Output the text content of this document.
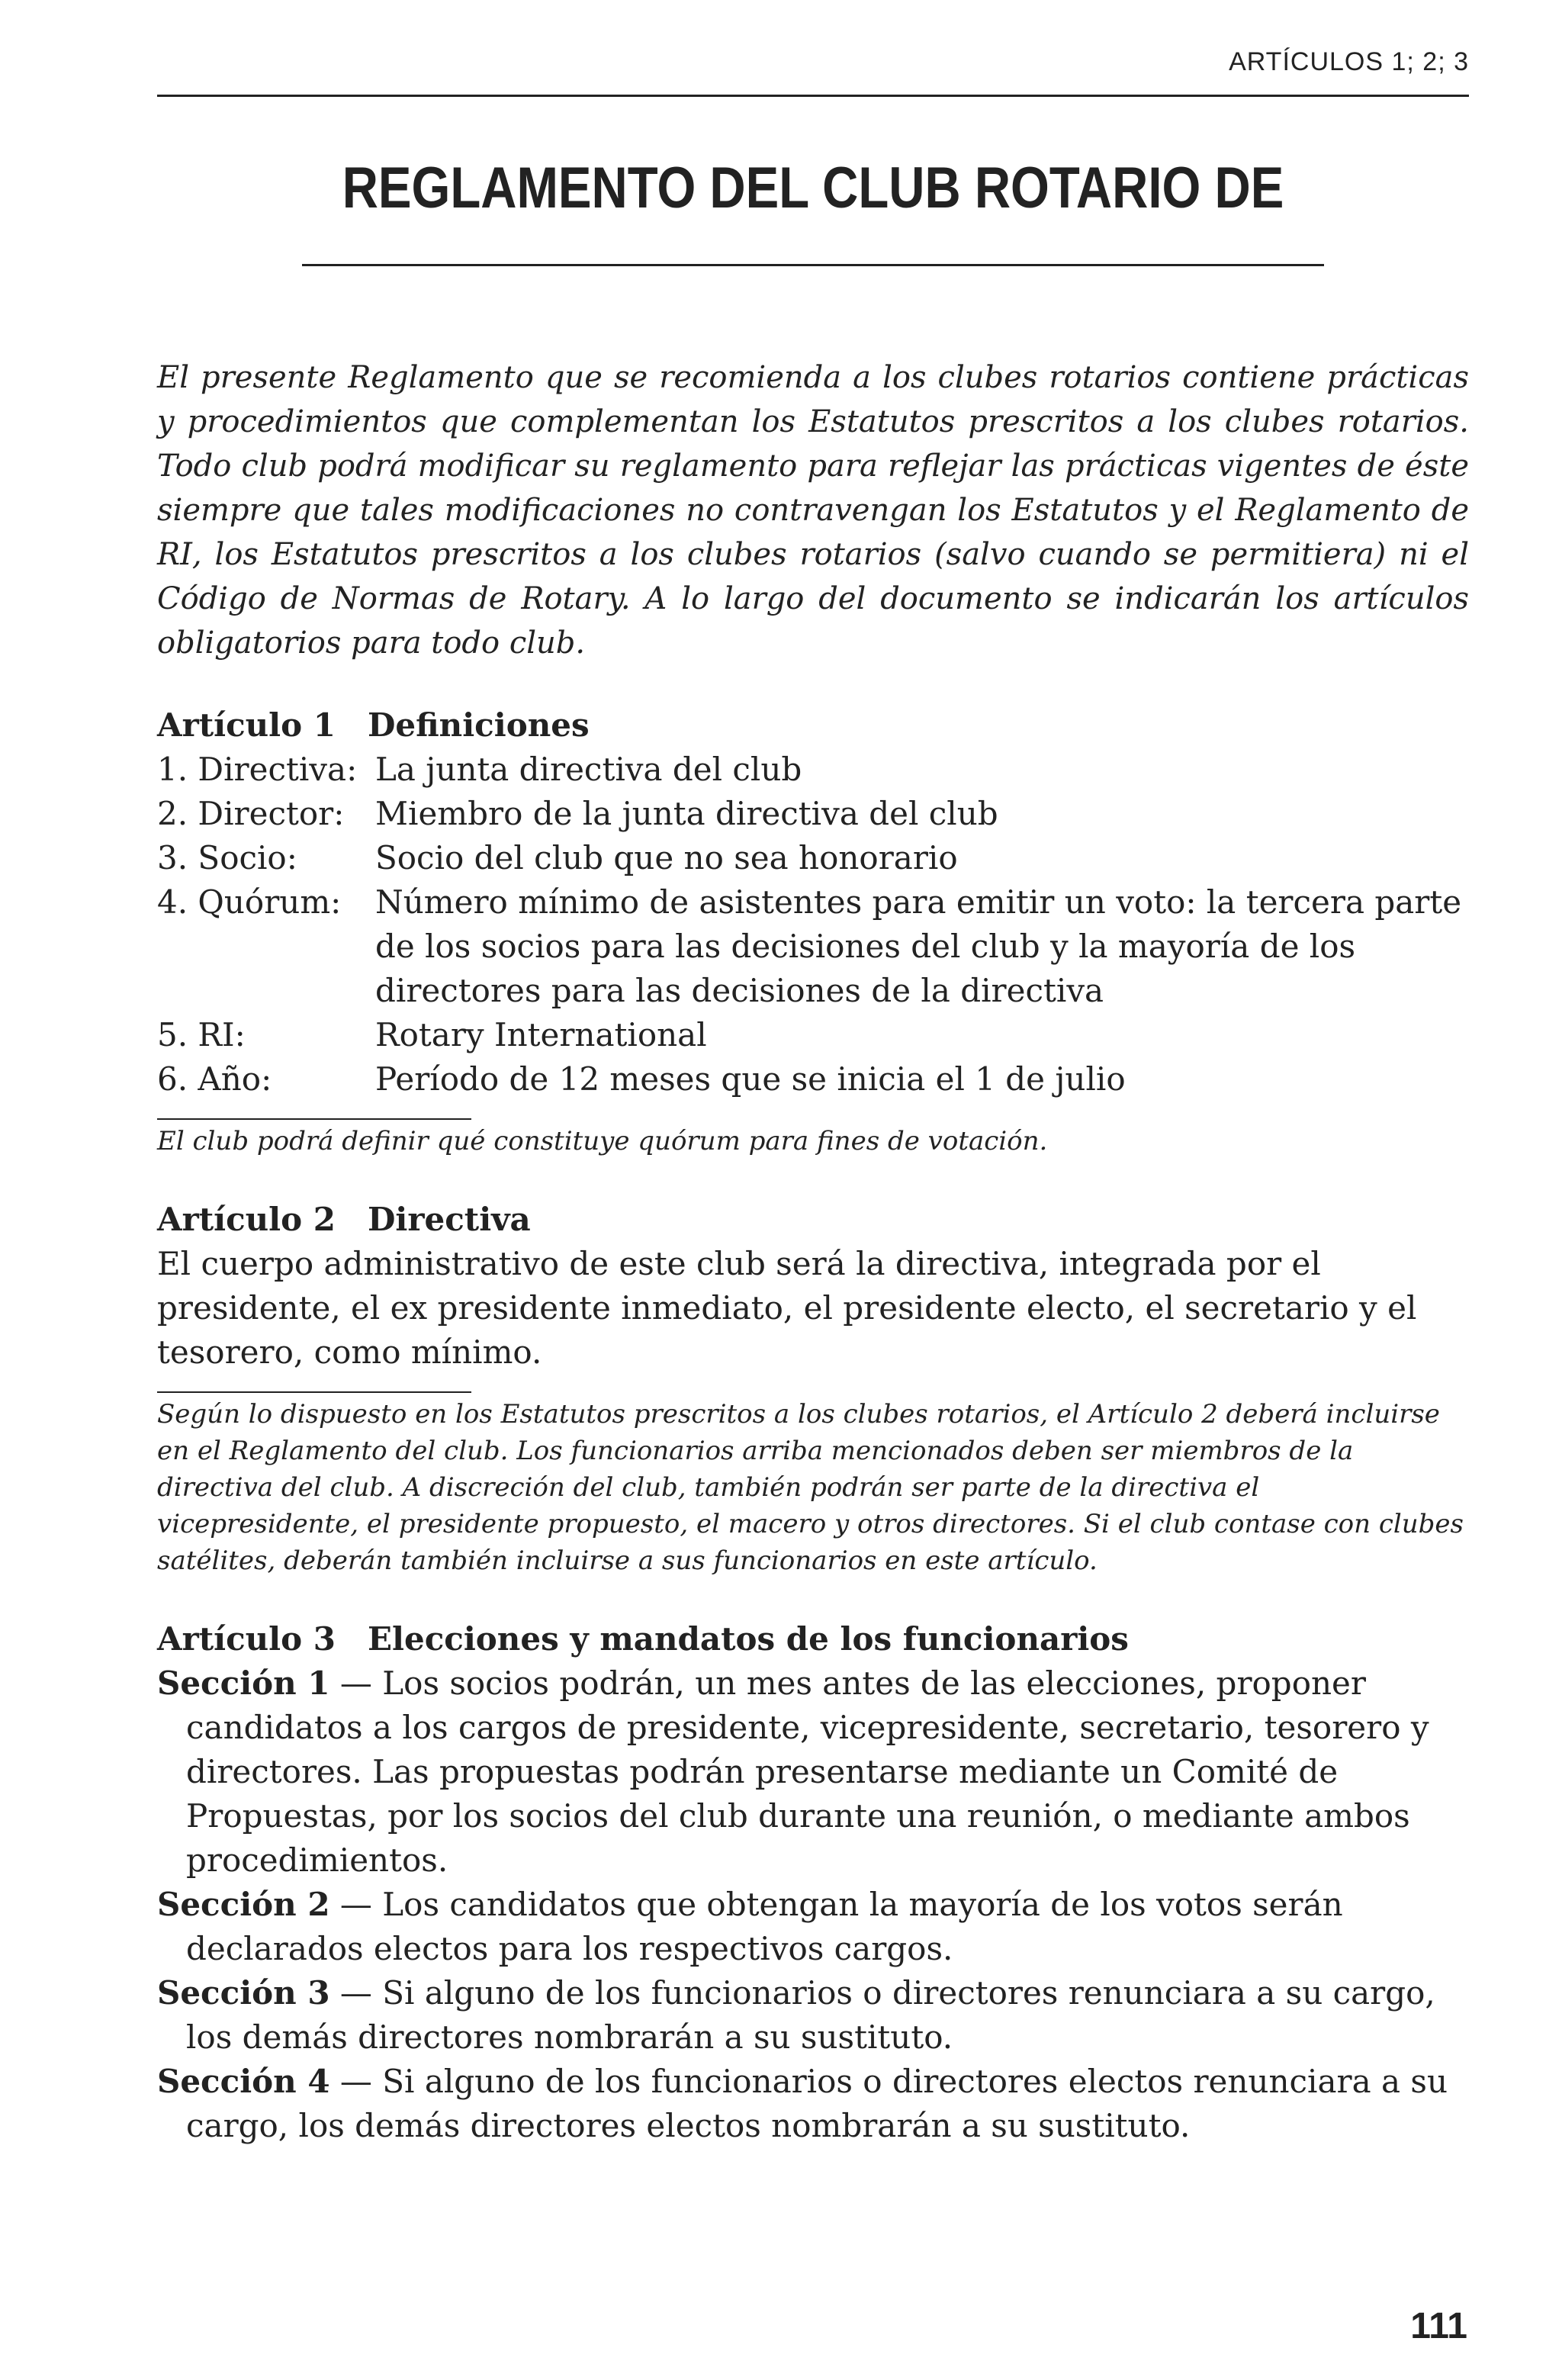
ARTÍCULOS 1; 2; 3
REGLAMENTO DEL CLUB ROTARIO DE

El presente Reglamento que se recomienda a los clubes rotarios contiene prácticas y procedimientos que complementan los Estatutos prescritos a los clubes rotarios. Todo club podrá modificar su reglamento para reflejar las prácticas vigentes de éste siempre que tales modificaciones no contravengan los Estatutos y el Reglamento de RI, los Estatutos prescritos a los clubes rotarios (salvo cuando se permitiera) ni el Código de Normas de Rotary. A lo largo del documento se indicarán los artículos obligatorios para todo club.

Artículo 1 Definiciones
1. Directiva: La junta directiva del club
2. Director: Miembro de la junta directiva del club
3. Socio:	Socio del club que no sea honorario
4. Quórum:	Número mínimo de asistentes para emitir un voto: la tercera parte de los socios para las decisiones del club y la mayoría de los directores para las decisiones de la directiva
5. RI:	Rotary International
6. Año:	Período de 12 meses que se inicia el 1 de julio

El club podrá definir qué constituye quórum para fines de votación.

Artículo 2 Directiva

El cuerpo administrativo de este club será la directiva, integrada por el presidente, el ex presidente inmediato, el presidente electo, el secretario y el tesorero, como mínimo.

Según lo dispuesto en los Estatutos prescritos a los clubes rotarios, el Artículo 2 deberá incluirse en el Reglamento del club. Los funcionarios arriba mencionados deben ser miembros de la directiva del club. A discreción del club, también podrán ser parte de la directiva el vicepresidente, el presidente propuesto, el macero y otros directores. Si el club contase con clubes satélites, deberán también incluirse a sus funcionarios en este artículo.

Artículo 3 Elecciones y mandatos de los funcionarios

Sección 1 — Los socios podrán, un mes antes de las elecciones, proponer candidatos a los cargos de presidente, vicepresidente, secretario, tesorero y directores. Las propuestas podrán presentarse mediante un Comité de Propuestas, por los socios del club durante una reunión, o mediante ambos procedimientos.

Sección 2 — Los candidatos que obtengan la mayoría de los votos serán declarados electos para los respectivos cargos.

Sección 3 — Si alguno de los funcionarios o directores renunciara a su cargo, los demás directores nombrarán a su sustituto.

Sección 4 — Si alguno de los funcionarios o directores electos renunciara a su cargo, los demás directores electos nombrarán a su sustituto.

111
